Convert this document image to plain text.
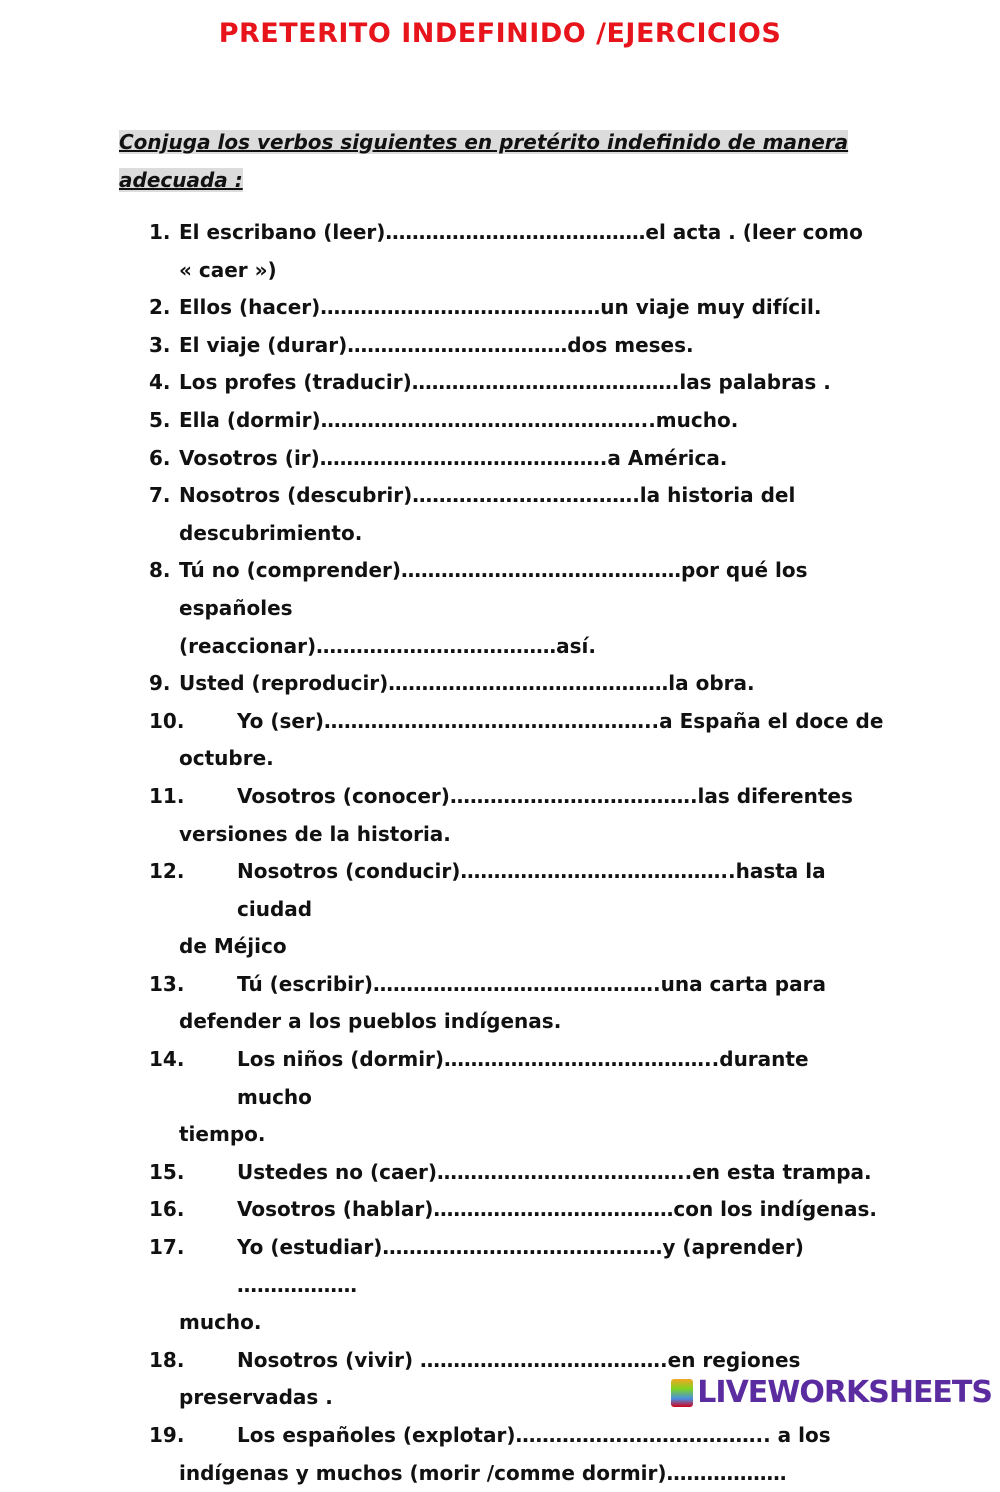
PRETERITO INDEFINIDO /EJERCICIOS
Conjuga los verbos siguientes en pretérito indefinido de manera adecuada :
1. El escribano (leer)…………………………………el acta . (leer como
« caer »)
2. Ellos (hacer)……………………………………un viaje muy difícil.
3. El viaje (durar)……………………………dos meses.
4. Los profes (traducir)………………………………….las palabras .
5. Ella (dormir)…………………………………………..mucho.
6. Vosotros (ir)…………………………………….a América.
7. Nosotros (descubrir)…………………………….la historia del
descubrimiento.
8. Tú no (comprender)……………………………………por qué los españoles
(reaccionar)………………………………así.
9. Usted (reproducir)……………………………………la obra.
10.	Yo (ser)…………………………………………..a España el doce de
octubre.
11.	Vosotros (conocer)……………………………….las diferentes
versiones de la historia.
12.	Nosotros (conducir)…………………………………..hasta la ciudad
de Méjico
13.	Tú (escribir)…………………………………….una carta para
defender a los pueblos indígenas.
14.	Los niños (dormir)…………………………………..durante mucho
tiempo.
15.	Ustedes no (caer)………………………………..en esta trampa.
16.	Vosotros (hablar)………………………………con los indígenas.
17.	Yo (estudiar)……………………………………y (aprender) ………………
mucho.
18.	Nosotros (vivir) ……………………………….en regiones
preservadas .
19.	Los españoles (explotar)……………………………….. a los
indígenas y muchos (morir /comme dormir)………………
LIVEWORKSHEETS
